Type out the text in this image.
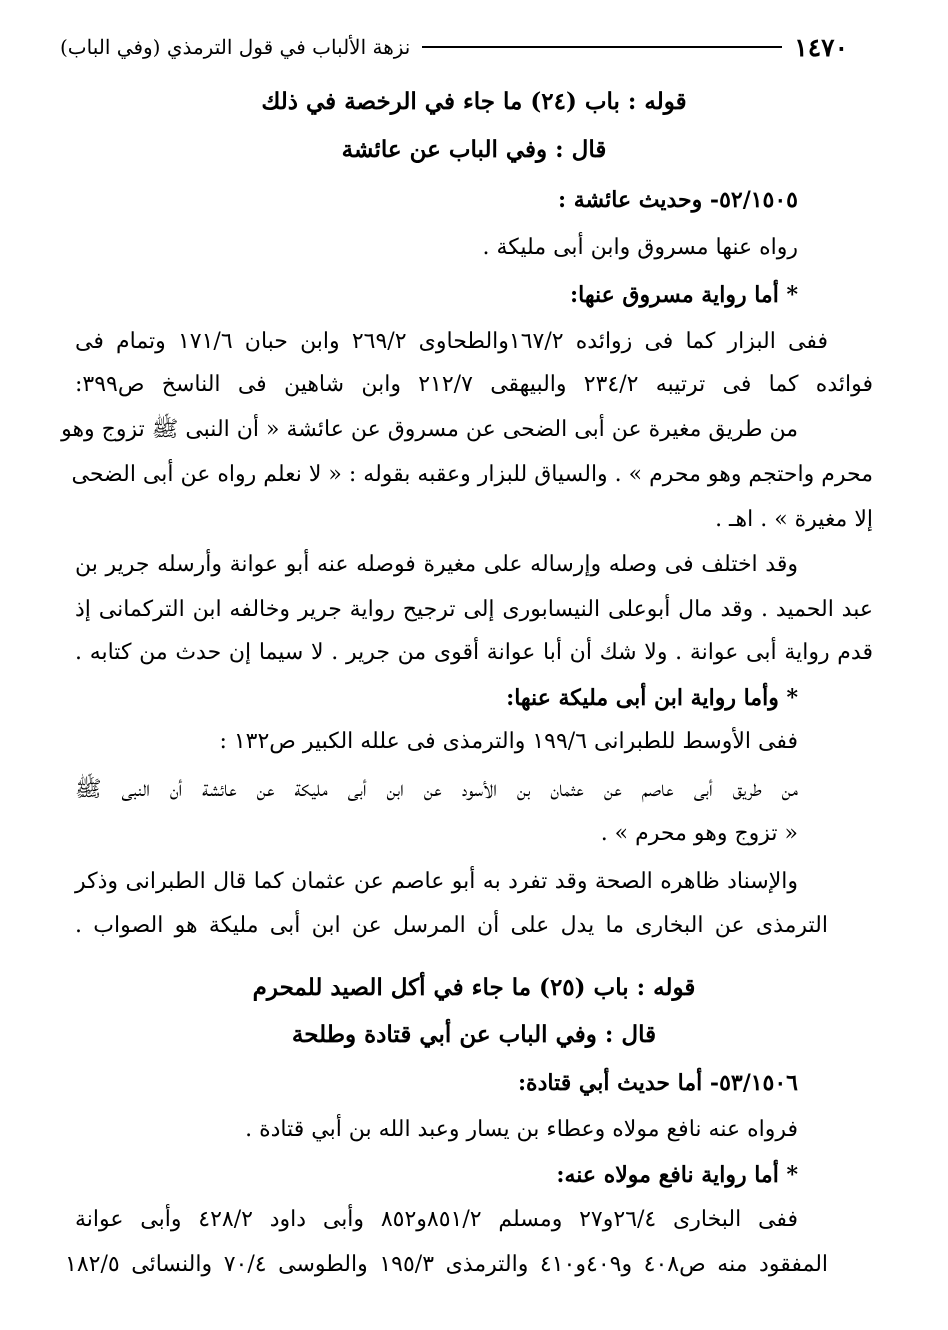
١٤٧٠
نزهة الألباب في قول الترمذي (وفي الباب)
قوله : باب (٢٤) ما جاء في الرخصة في ذلك
قال : وفي الباب عن عائشة
٥٢/١٥٠٥- وحديث عائشة :
رواه عنها مسروق وابن أبى مليكة .
* أما رواية مسروق عنها:
ففى البزار كما فى زوائده ١٦٧/٢والطحاوى ٢٦٩/٢ وابن حبان ١٧١/٦ وتمام فى
فوائده كما فى ترتيبه ٢٣٤/٢ والبيهقى ٢١٢/٧ وابن شاهين فى الناسخ ص٣٩٩:
من طريق مغيرة عن أبى الضحى عن مسروق عن عائشة « أن النبى ﷺ تزوج وهو
محرم واحتجم وهو محرم » . والسياق للبزار وعقبه بقوله : « لا نعلم رواه عن أبى الضحى
إلا مغيرة » . اهـ .
وقد اختلف فى وصله وإرساله على مغيرة فوصله عنه أبو عوانة وأرسله جرير بن
عبد الحميد . وقد مال أبوعلى النيسابورى إلى ترجيح رواية جرير وخالفه ابن التركمانى إذ
قدم رواية أبى عوانة . ولا شك أن أبا عوانة أقوى من جرير . لا سيما إن حدث من كتابه .
* وأما رواية ابن أبى مليكة عنها:
ففى الأوسط للطبرانى ١٩٩/٦ والترمذى فى علله الكبير ص١٣٢ :
من طريق أبى عاصم عن عثمان بن الأسود عن ابن أبى مليكة عن عائشة أن النبى ﷺ
« تزوج وهو محرم » .
والإسناد ظاهره الصحة وقد تفرد به أبو عاصم عن عثمان كما قال الطبرانى وذكر
الترمذى عن البخارى ما يدل على أن المرسل عن ابن أبى مليكة هو الصواب .
قوله : باب (٢٥) ما جاء في أكل الصيد للمحرم
قال : وفي الباب عن أبي قتادة وطلحة
٥٣/١٥٠٦- أما حديث أبي قتادة:
فرواه عنه نافع مولاه وعطاء بن يسار وعبد الله بن أبي قتادة .
* أما رواية نافع مولاه عنه:
ففى البخارى ٢٦/٤و٢٧ ومسلم ٨٥١/٢و٨٥٢ وأبى داود ٤٢٨/٢ وأبى عوانة
المفقود منه ص٤٠٨ و٤٠٩و٤١٠ والترمذى ١٩٥/٣ والطوسى ٧٠/٤ والنسائى ١٨٢/٥
